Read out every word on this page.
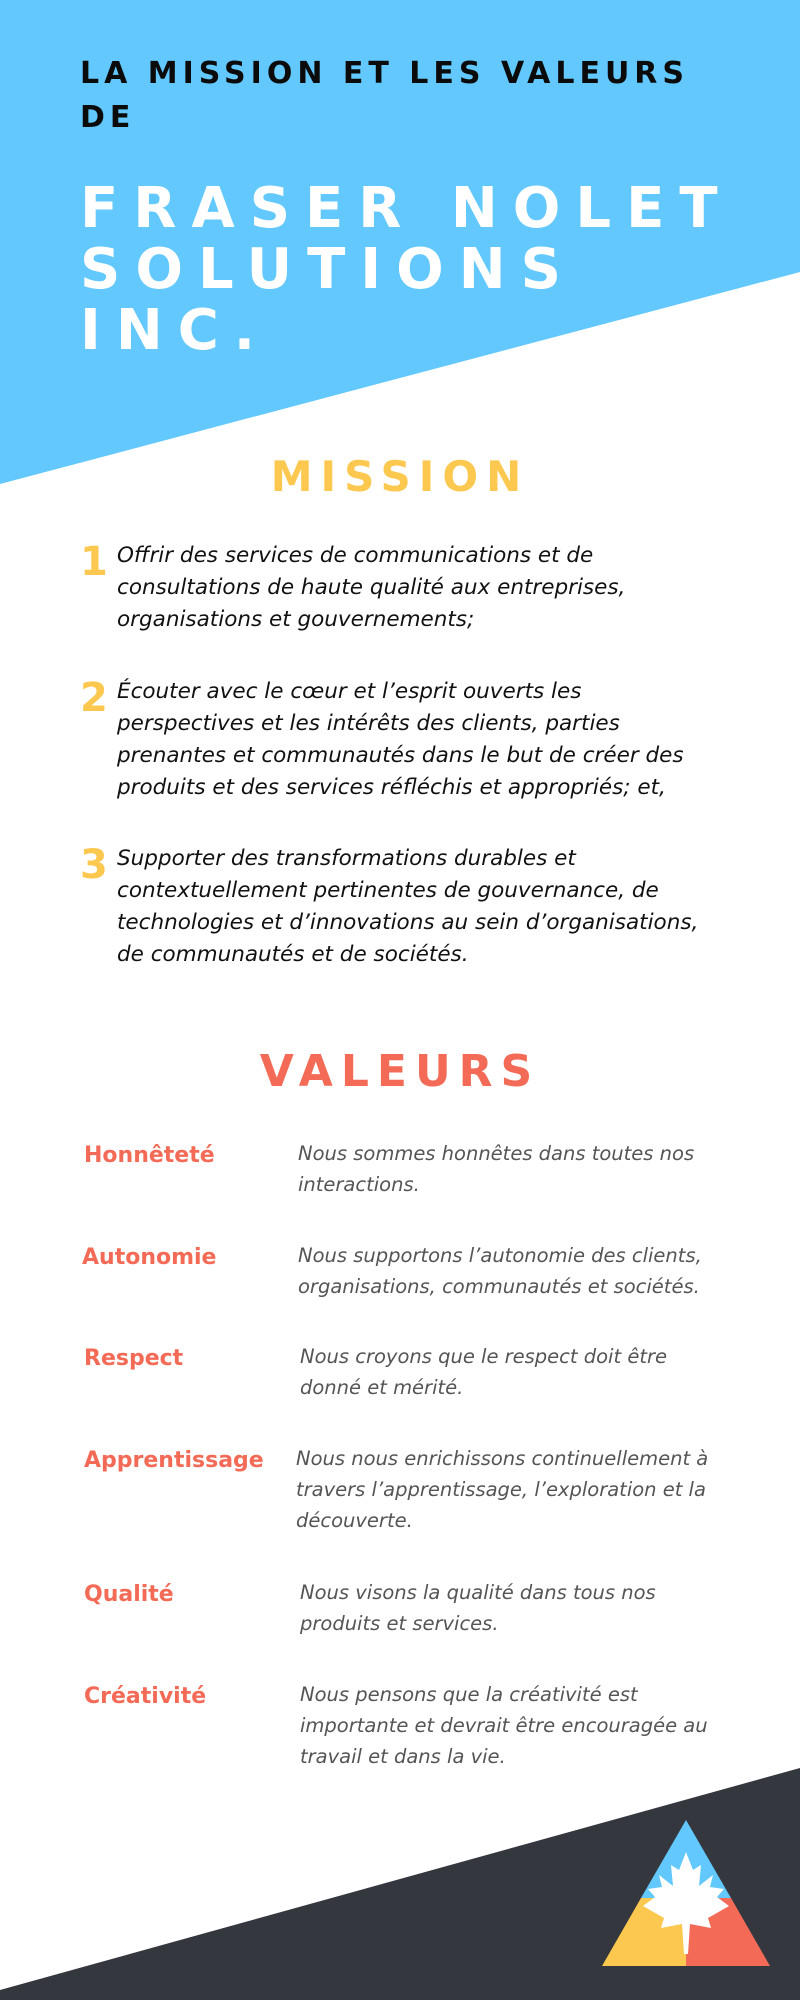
LA MISSION ET LES VALEURS DE
FRASER NOLET SOLUTIONS INC.
MISSION
1 Offrir des services de communications et de consultations de haute qualité aux entreprises, organisations et gouvernements;

2 Écouter avec le cœur et l’esprit ouverts les perspectives et les intérêts des clients, parties prenantes et communautés dans le but de créer des produits et des services réfléchis et appropriés; et,

3 Supporter des transformations durables et contextuellement pertinentes de gouvernance, de technologies et d’innovations au sein d’organisations, de communautés et de sociétés.

VALEURS
Honnêteté	Nous sommes honnêtes dans toutes nos interactions.

Autonomie	Nous supportons l’autonomie des clients, organisations, communautés et sociétés.

Respect	Nous croyons que le respect doit être donné et mérité.

Apprentissage	Nous nous enrichissons continuellement à travers l’apprentissage, l’exploration et la découverte.

Qualité	Nous visons la qualité dans tous nos produits et services.

Créativité	Nous pensons que la créativité est importante et devrait être encouragée au travail et dans la vie.
